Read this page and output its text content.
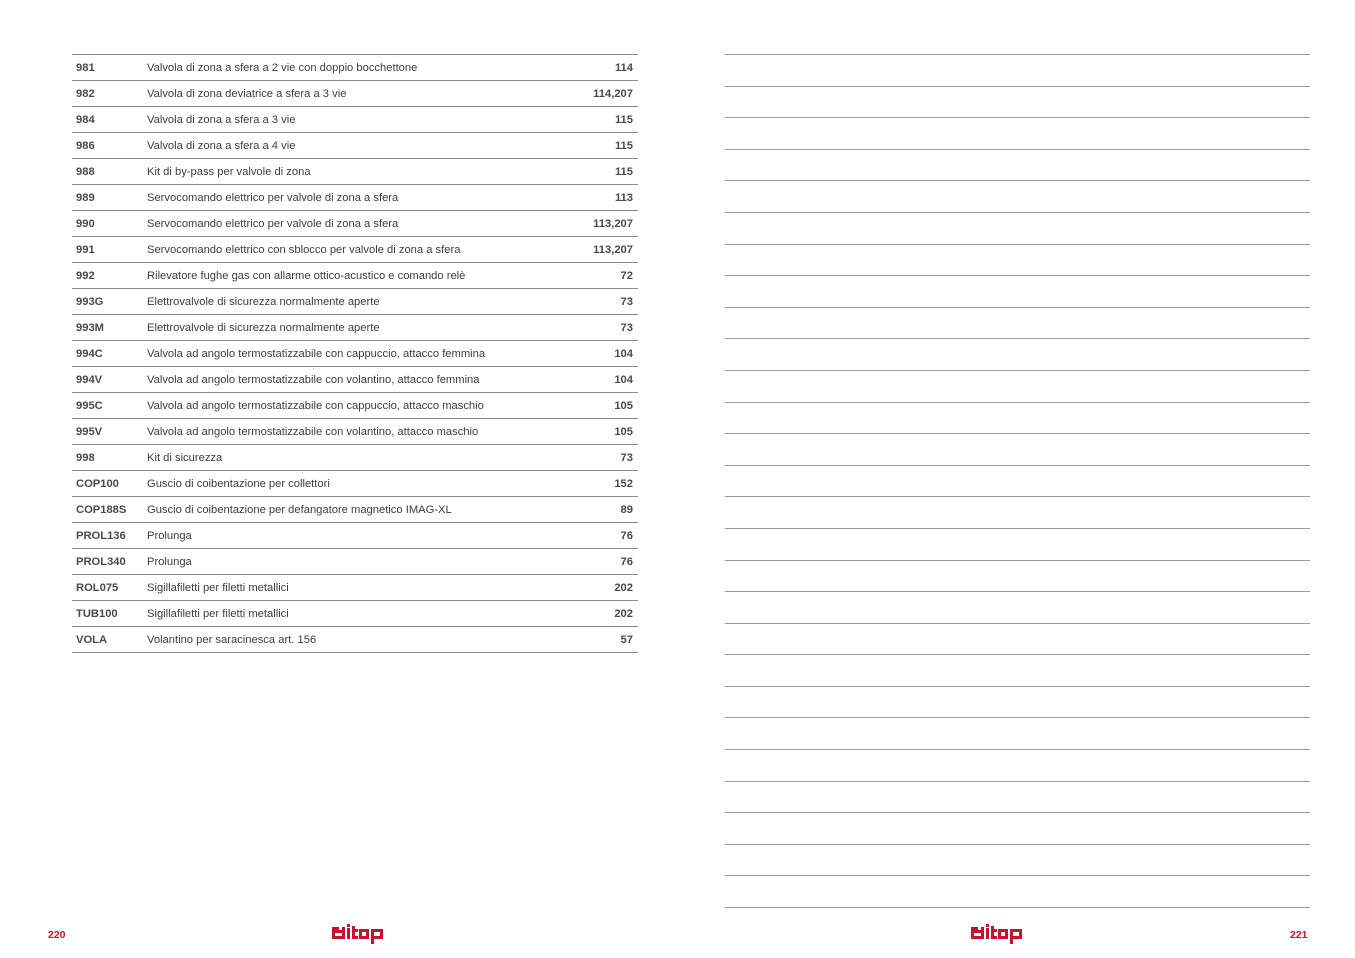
981	Valvola di zona a sfera a 2 vie con doppio bocchettone	114
982	Valvola di zona deviatrice a sfera a 3 vie	114,207
984	Valvola di zona a sfera a 3 vie	115
986	Valvola di zona a sfera a 4 vie	115
988	Kit di by-pass per valvole di zona	115
989	Servocomando elettrico per valvole di zona a sfera	113
990	Servocomando elettrico per valvole di zona a sfera	113,207
991	Servocomando elettrico con sblocco per valvole di zona a sfera	113,207
992	Rilevatore fughe gas con allarme ottico-acustico e comando relè	72
993G	Elettrovalvole di sicurezza normalmente aperte	73
993M	Elettrovalvole di sicurezza normalmente aperte	73
994C	Valvola ad angolo termostatizzabile con cappuccio, attacco femmina	104
994V	Valvola ad angolo termostatizzabile con volantino, attacco femmina	104
995C	Valvola ad angolo termostatizzabile con cappuccio, attacco maschio	105
995V	Valvola ad angolo termostatizzabile con volantino, attacco maschio	105
998	Kit di sicurezza	73
COP100	Guscio di coibentazione per collettori	152
COP188S	Guscio di coibentazione per defangatore magnetico IMAG-XL	89
PROL136	Prolunga	76
PROL340	Prolunga	76
ROL075	Sigillafiletti per filetti metallici	202
TUB100	Sigillafiletti per filetti metallici	202
VOLA	Volantino per saracinesca art. 156	57
220	221
